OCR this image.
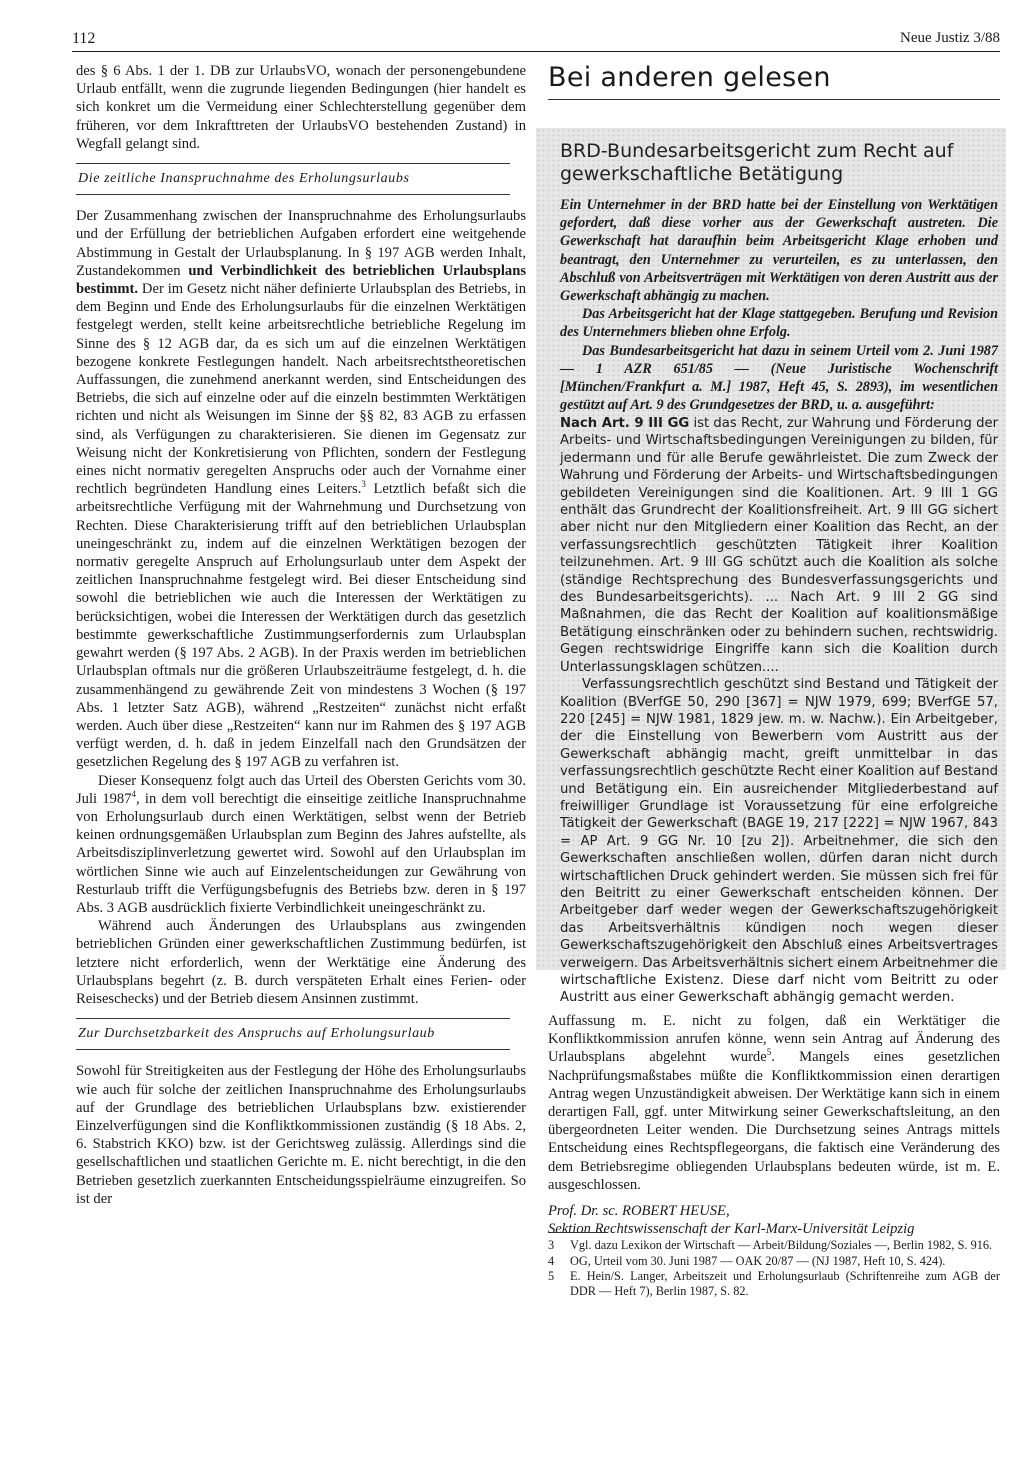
112	Neue Justiz 3/88

des § 6 Abs. 1 der 1. DB zur UrlaubsVO, wonach der personengebundene Urlaub entfällt, wenn die zugrunde liegenden Bedingungen (hier handelt es sich konkret um die Vermeidung einer Schlechterstellung gegenüber dem früheren, vor dem Inkrafttreten der UrlaubsVO bestehenden Zustand) in Wegfall gelangt sind.

Die zeitliche Inanspruchnahme des Erholungsurlaubs

Der Zusammenhang zwischen der Inanspruchnahme des Erholungsurlaubs und der Erfüllung der betrieblichen Aufgaben erfordert eine weitgehende Abstimmung in Gestalt der Urlaubsplanung. In § 197 AGB werden Inhalt, Zustandekommen und Verbindlichkeit des betrieblichen Urlaubsplans bestimmt. Der im Gesetz nicht näher definierte Urlaubsplan des Betriebs, in dem Beginn und Ende des Erholungsurlaubs für die einzelnen Werktätigen festgelegt werden, stellt keine arbeitsrechtliche betriebliche Regelung im Sinne des § 12 AGB dar, da es sich um auf die einzelnen Werktätigen bezogene konkrete Festlegungen handelt. Nach arbeitsrechtstheoretischen Auffassungen, die zunehmend anerkannt werden, sind Entscheidungen des Betriebs, die sich auf einzelne oder auf die einzeln bestimmten Werktätigen richten und nicht als Weisungen im Sinne der §§ 82, 83 AGB zu erfassen sind, als Verfügungen zu charakterisieren. Sie dienen im Gegensatz zur Weisung nicht der Konkretisierung von Pflichten, sondern der Festlegung eines nicht normativ geregelten Anspruchs oder auch der Vornahme einer rechtlich begründeten Handlung eines Leiters.$^3$ Letztlich befaßt sich die arbeitsrechtliche Verfügung mit der Wahrnehmung und Durchsetzung von Rechten. Diese Charakterisierung trifft auf den betrieblichen Urlaubsplan uneingeschränkt zu, indem auf die einzelnen Werktätigen bezogen der normativ geregelte Anspruch auf Erholungsurlaub unter dem Aspekt der zeitlichen Inanspruchnahme festgelegt wird. Bei dieser Entscheidung sind sowohl die betrieblichen wie auch die Interessen der Werktätigen zu berücksichtigen, wobei die Interessen der Werktätigen durch das gesetzlich bestimmte gewerkschaftliche Zustimmungserfordernis zum Urlaubsplan gewahrt werden (§ 197 Abs. 2 AGB). In der Praxis werden im betrieblichen Urlaubsplan oftmals nur die größeren Urlaubszeiträume festgelegt, d. h. die zusammenhängend zu gewährende Zeit von mindestens 3 Wochen (§ 197 Abs. 1 letzter Satz AGB), während „Restzeiten“ zunächst nicht erfaßt werden. Auch über diese „Restzeiten“ kann nur im Rahmen des § 197 AGB verfügt werden, d. h. daß in jedem Einzelfall nach den Grundsätzen der gesetzlichen Regelung des § 197 AGB zu verfahren ist.

Dieser Konsequenz folgt auch das Urteil des Obersten Gerichts vom 30. Juli 1987$^4$, in dem voll berechtigt die einseitige zeitliche Inanspruchnahme von Erholungsurlaub durch einen Werktätigen, selbst wenn der Betrieb keinen ordnungsgemäßen Urlaubsplan zum Beginn des Jahres aufstellte, als Arbeitsdisziplinverletzung gewertet wird. Sowohl auf den Urlaubsplan im wörtlichen Sinne wie auch auf Einzelentscheidungen zur Gewährung von Resturlaub trifft die Verfügungsbefugnis des Betriebs bzw. deren in § 197 Abs. 3 AGB ausdrücklich fixierte Verbindlichkeit uneingeschränkt zu.

Während auch Änderungen des Urlaubsplans aus zwingenden betrieblichen Gründen einer gewerkschaftlichen Zustimmung bedürfen, ist letztere nicht erforderlich, wenn der Werktätige eine Änderung des Urlaubsplans begehrt (z. B. durch verspäteten Erhalt eines Ferien- oder Reiseschecks) und der Betrieb diesem Ansinnen zustimmt.

Zur Durchsetzbarkeit des Anspruchs auf Erholungsurlaub

Sowohl für Streitigkeiten aus der Festlegung der Höhe des Erholungsurlaubs wie auch für solche der zeitlichen Inanspruchnahme des Erholungsurlaubs auf der Grundlage des betrieblichen Urlaubsplans bzw. existierender Einzelverfügungen sind die Konfliktkommissionen zuständig (§ 18 Abs. 2, 6. Stabstrich KKO) bzw. ist der Gerichtsweg zulässig. Allerdings sind die gesellschaftlichen und staatlichen Gerichte m. E. nicht berechtigt, in die den Betrieben gesetzlich zuerkannten Entscheidungsspielräume einzugreifen. So ist der

Bei anderen gelesen
BRD-Bundesarbeitsgericht zum Recht auf gewerkschaftliche Betätigung

Ein Unternehmer in der BRD hatte bei der Einstellung von Werktätigen gefordert, daß diese vorher aus der Gewerkschaft austreten. Die Gewerkschaft hat daraufhin beim Arbeitsgericht Klage erhoben und beantragt, den Unternehmer zu verurteilen, es zu unterlassen, den Abschluß von Arbeitsverträgen mit Werktätigen von deren Austritt aus der Gewerkschaft abhängig zu machen.

Das Arbeitsgericht hat der Klage stattgegeben. Berufung und Revision des Unternehmers blieben ohne Erfolg.

Das Bundesarbeitsgericht hat dazu in seinem Urteil vom 2. Juni 1987 — 1 AZR 651/85 — (Neue Juristische Wochenschrift [München/Frankfurt a. M.] 1987, Heft 45, S. 2893), im wesentlichen gestützt auf Art. 9 des Grundgesetzes der BRD, u. a. ausgeführt:

Nach Art. 9 III GG ist das Recht, zur Wahrung und Förderung der Arbeits- und Wirtschaftsbedingungen Vereinigungen zu bilden, für jedermann und für alle Berufe gewährleistet. Die zum Zweck der Wahrung und Förderung der Arbeits- und Wirtschaftsbedingungen gebildeten Vereinigungen sind die Koalitionen. Art. 9 III 1 GG enthält das Grundrecht der Koalitionsfreiheit. Art. 9 III GG sichert aber nicht nur den Mitgliedern einer Koalition das Recht, an der verfassungsrechtlich geschützten Tätigkeit ihrer Koalition teilzunehmen. Art. 9 III GG schützt auch die Koalition als solche (ständige Rechtsprechung des Bundesverfassungsgerichts und des Bundesarbeitsgerichts). ... Nach Art. 9 III 2 GG sind Maßnahmen, die das Recht der Koalition auf koalitionsmäßige Betätigung einschränken oder zu behindern suchen, rechtswidrig. Gegen rechtswidrige Eingriffe kann sich die Koalition durch Unterlassungsklagen schützen....

Verfassungsrechtlich geschützt sind Bestand und Tätigkeit der Koalition (BVerfGE 50, 290 [367] = NJW 1979, 699; BVerfGE 57, 220 [245] = NJW 1981, 1829 jew. m. w. Nachw.). Ein Arbeitgeber, der die Einstellung von Bewerbern vom Austritt aus der Gewerkschaft abhängig macht, greift unmittelbar in das verfassungsrechtlich geschützte Recht einer Koalition auf Bestand und Betätigung ein. Ein ausreichender Mitgliederbestand auf freiwilliger Grundlage ist Voraussetzung für eine erfolgreiche Tätigkeit der Gewerkschaft (BAGE 19, 217 [222] = NJW 1967, 843 = AP Art. 9 GG Nr. 10 [zu 2]). Arbeitnehmer, die sich den Gewerkschaften anschließen wollen, dürfen daran nicht durch wirtschaftlichen Druck gehindert werden. Sie müssen sich frei für den Beitritt zu einer Gewerkschaft entscheiden können. Der Arbeitgeber darf weder wegen der Gewerkschaftszugehörigkeit das Arbeitsverhältnis kündigen noch wegen dieser Gewerkschaftszugehörigkeit den Abschluß eines Arbeitsvertrages verweigern. Das Arbeitsverhältnis sichert einem Arbeitnehmer die wirtschaftliche Existenz. Diese darf nicht vom Beitritt zu oder Austritt aus einer Gewerkschaft abhängig gemacht werden.

Auffassung m. E. nicht zu folgen, daß ein Werktätiger die Konfliktkommission anrufen könne, wenn sein Antrag auf Änderung des Urlaubsplans abgelehnt wurde$^5$. Mangels eines gesetzlichen Nachprüfungsmaßstabes müßte die Konfliktkommission einen derartigen Antrag wegen Unzuständigkeit abweisen. Der Werktätige kann sich in einem derartigen Fall, ggf. unter Mitwirkung seiner Gewerkschaftsleitung, an den übergeordneten Leiter wenden. Die Durchsetzung seines Antrags mittels Entscheidung eines Rechtspflegeorgans, die faktisch eine Veränderung des dem Betriebsregime obliegenden Urlaubsplans bedeuten würde, ist m. E. ausgeschlossen.

Prof. Dr. sc. ROBERT HEUSE,
Sektion Rechtswissenschaft der Karl-Marx-Universität Leipzig
3	Vgl. dazu Lexikon der Wirtschaft — Arbeit/Bildung/Soziales —, Berlin 1982, S. 916.
4	OG, Urteil vom 30. Juni 1987 — OAK 20/87 — (NJ 1987, Heft 10, S. 424).
5	E. Hein/S. Langer, Arbeitszeit und Erholungsurlaub (Schriftenreihe zum AGB der DDR — Heft 7), Berlin 1987, S. 82.
